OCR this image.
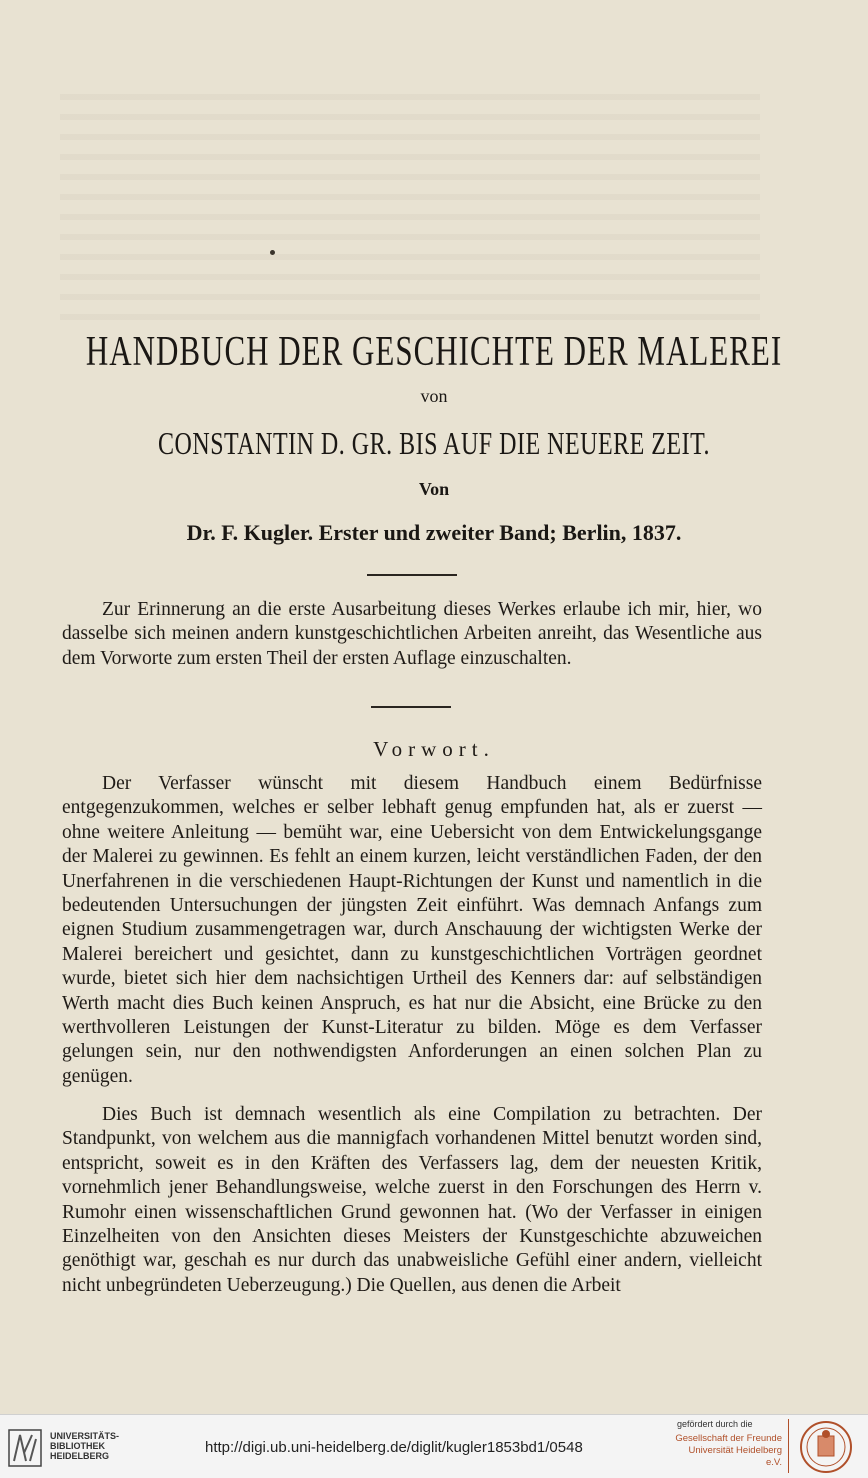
HANDBUCH DER GESCHICHTE DER MALEREI
von
CONSTANTIN D. GR. BIS AUF DIE NEUERE ZEIT.
Von
Dr. F. Kugler. Erster und zweiter Band; Berlin, 1837.

Zur Erinnerung an die erste Ausarbeitung dieses Werkes erlaube ich mir, hier, wo dasselbe sich meinen andern kunstgeschichtlichen Arbeiten anreiht, das Wesentliche aus dem Vorworte zum ersten Theil der ersten Auflage einzuschalten.

Vorwort.

Der Verfasser wünscht mit diesem Handbuch einem Bedürfnisse entgegenzukommen, welches er selber lebhaft genug empfunden hat, als er zuerst — ohne weitere Anleitung — bemüht war, eine Uebersicht von dem Entwickelungsgange der Malerei zu gewinnen. Es fehlt an einem kurzen, leicht verständlichen Faden, der den Unerfahrenen in die verschiedenen Haupt-Richtungen der Kunst und namentlich in die bedeutenden Untersuchungen der jüngsten Zeit einführt. Was demnach Anfangs zum eignen Studium zusammengetragen war, durch Anschauung der wichtigsten Werke der Malerei bereichert und gesichtet, dann zu kunstgeschichtlichen Vorträgen geordnet wurde, bietet sich hier dem nachsichtigen Urtheil des Kenners dar: auf selbständigen Werth macht dies Buch keinen Anspruch, es hat nur die Absicht, eine Brücke zu den werthvolleren Leistungen der Kunst-Literatur zu bilden. Möge es dem Verfasser gelungen sein, nur den nothwendigsten Anforderungen an einen solchen Plan zu genügen.

Dies Buch ist demnach wesentlich als eine Compilation zu betrachten. Der Standpunkt, von welchem aus die mannigfach vorhandenen Mittel benutzt worden sind, entspricht, soweit es in den Kräften des Verfassers lag, dem der neuesten Kritik, vornehmlich jener Behandlungsweise, welche zuerst in den Forschungen des Herrn v. Rumohr einen wissenschaftlichen Grund gewonnen hat. (Wo der Verfasser in einigen Einzelheiten von den Ansichten dieses Meisters der Kunstgeschichte abzuweichen genöthigt war, geschah es nur durch das unabweisliche Gefühl einer andern, vielleicht nicht unbegründeten Ueberzeugung.) Die Quellen, aus denen die Arbeit

UNIVERSITÄTS-
BIBLIOTHEK
HEIDELBERG	http://digi.ub.uni-heidelberg.de/diglit/kugler1853bd1/0548
gefördert durch die
Gesellschaft der Freunde
Universität Heidelberg e.V.
